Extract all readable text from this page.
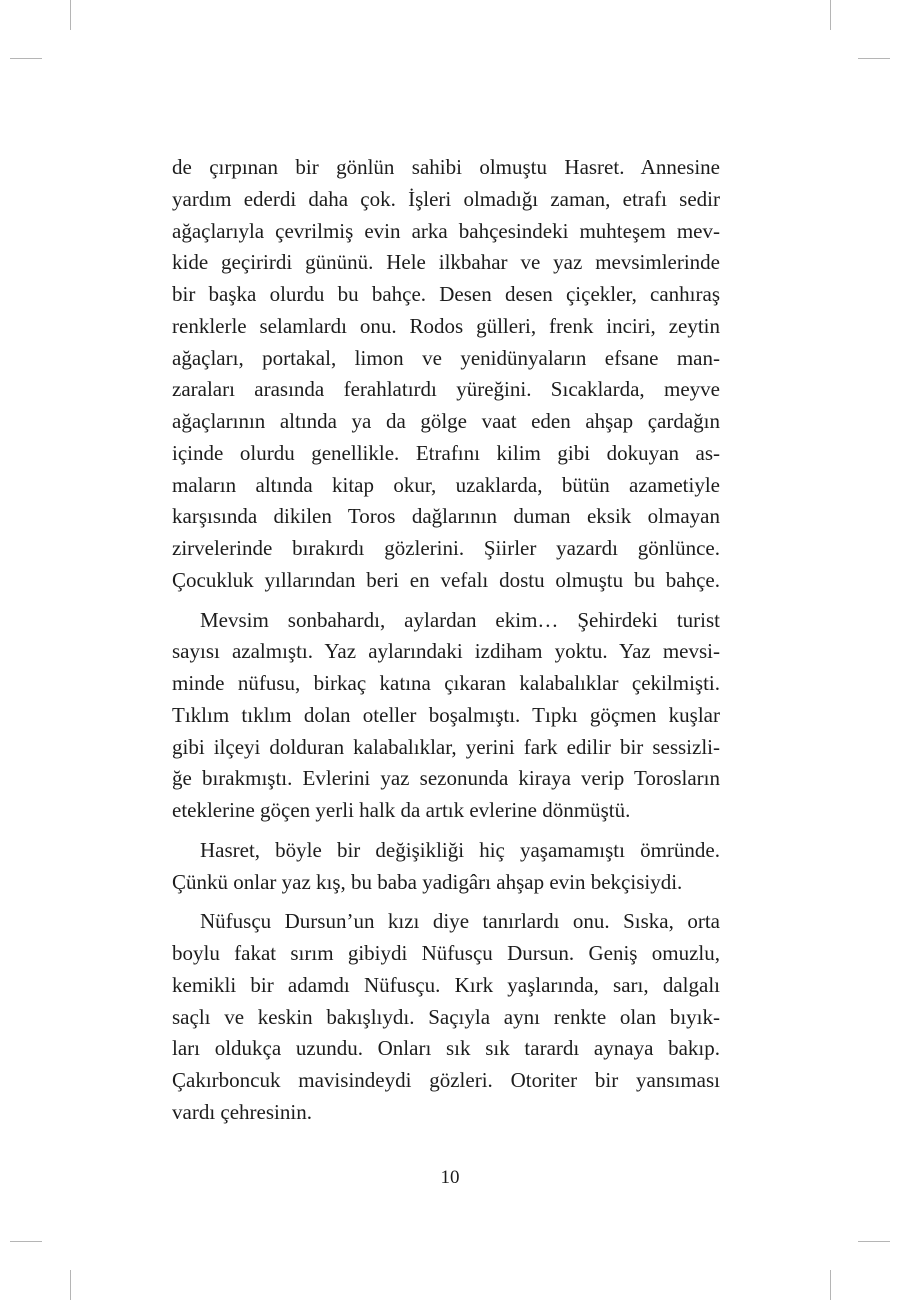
de çırpınan bir gönlün sahibi olmuştu Hasret. Annesine
yardım ederdi daha çok. İşleri olmadığı zaman, etrafı sedir
ağaçlarıyla çevrilmiş evin arka bahçesindeki muhteşem mev-
kide geçirirdi gününü. Hele ilkbahar ve yaz mevsimlerinde
bir başka olurdu bu bahçe. Desen desen çiçekler, canhıraş
renklerle selamlardı onu. Rodos gülleri, frenk inciri, zeytin
ağaçları, portakal, limon ve yenidünyaların efsane man-
zaraları arasında ferahlatırdı yüreğini. Sıcaklarda, meyve
ağaçlarının altında ya da gölge vaat eden ahşap çardağın
içinde olurdu genellikle. Etrafını kilim gibi dokuyan as-
maların altında kitap okur, uzaklarda, bütün azametiyle
karşısında dikilen Toros dağlarının duman eksik olmayan
zirvelerinde bırakırdı gözlerini. Şiirler yazardı gönlünce.
Çocukluk yıllarından beri en vefalı dostu olmuştu bu bahçe.
Mevsim sonbahardı, aylardan ekim… Şehirdeki turist
sayısı azalmıştı. Yaz aylarındaki izdiham yoktu. Yaz mevsi-
minde nüfusu, birkaç katına çıkaran kalabalıklar çekilmişti.
Tıklım tıklım dolan oteller boşalmıştı. Tıpkı göçmen kuşlar
gibi ilçeyi dolduran kalabalıklar, yerini fark edilir bir sessizli-
ğe bırakmıştı. Evlerini yaz sezonunda kiraya verip Torosların
eteklerine göçen yerli halk da artık evlerine dönmüştü.
Hasret, böyle bir değişikliği hiç yaşamamıştı ömründe.
Çünkü onlar yaz kış, bu baba yadigârı ahşap evin bekçisiydi.
Nüfusçu Dursun’un kızı diye tanırlardı onu. Sıska, orta
boylu fakat sırım gibiydi Nüfusçu Dursun. Geniş omuzlu,
kemikli bir adamdı Nüfusçu. Kırk yaşlarında, sarı, dalgalı
saçlı ve keskin bakışlıydı. Saçıyla aynı renkte olan bıyık-
ları oldukça uzundu. Onları sık sık tarardı aynaya bakıp.
Çakırboncuk mavisindeydi gözleri. Otoriter bir yansıması
vardı çehresinin.
10
